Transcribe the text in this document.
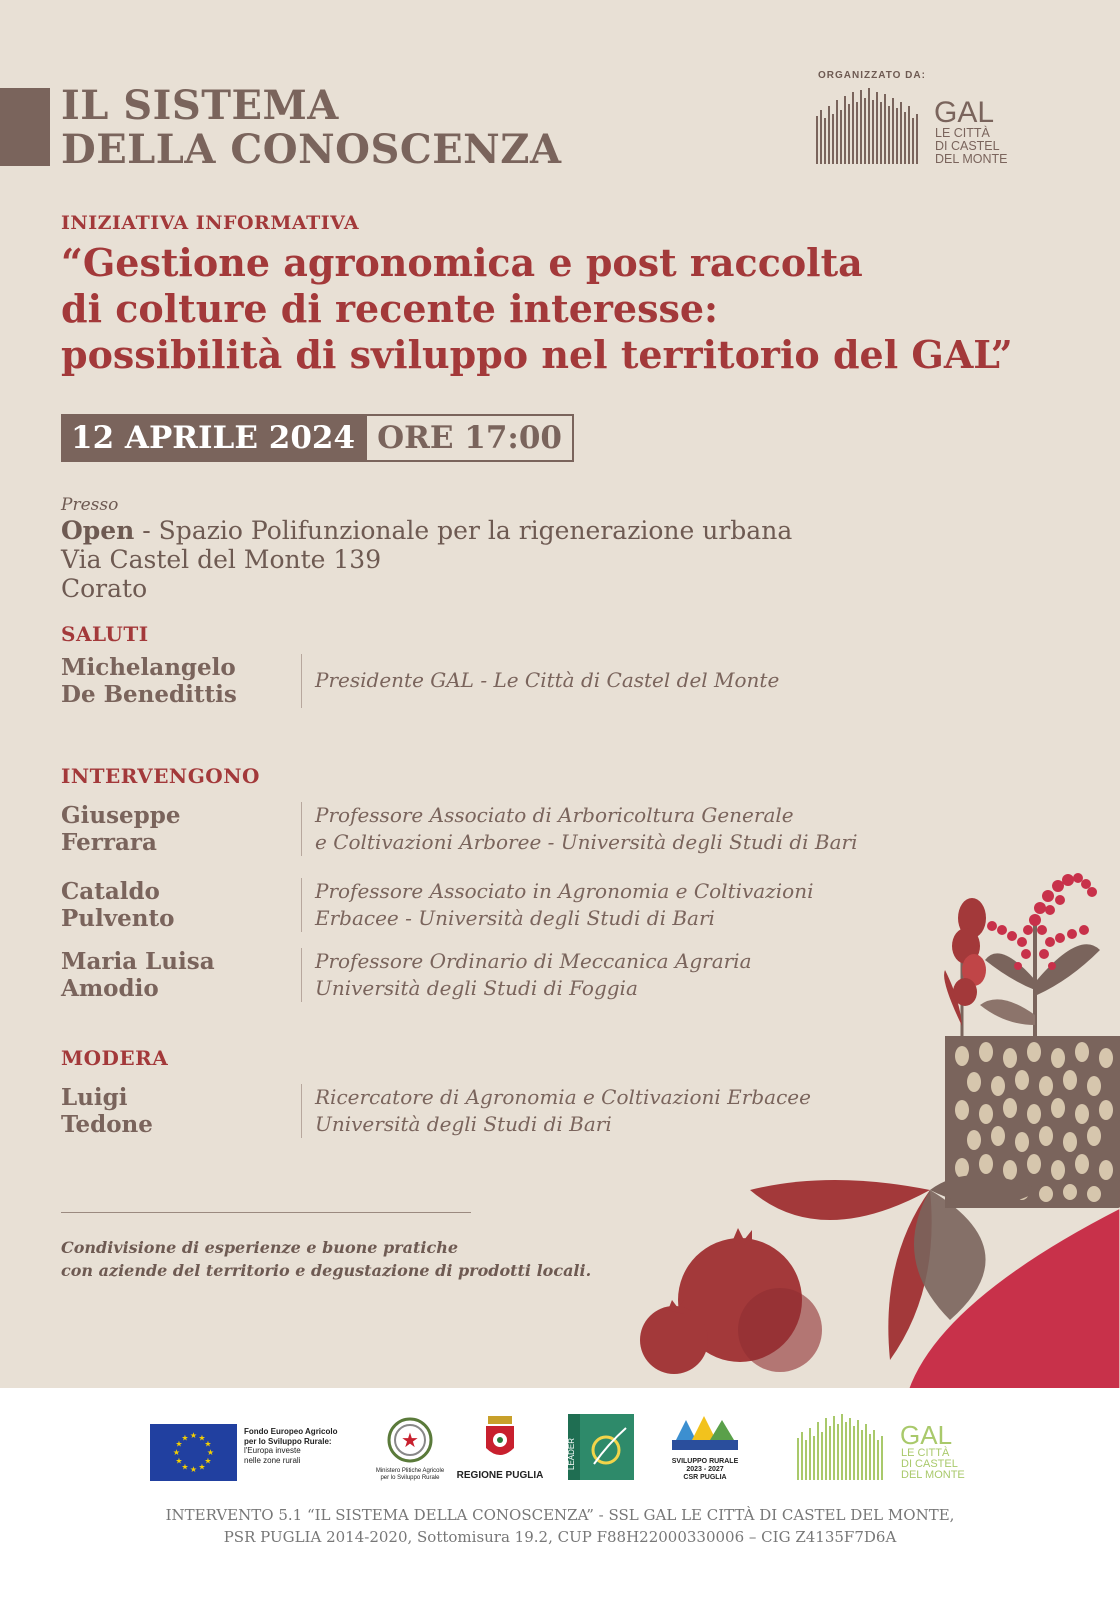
IL SISTEMA
DELLA CONOSCENZA
ORGANIZZATO DA:
GAL
LE CITTÀ
DI CASTEL
DEL MONTE
INIZIATIVA INFORMATIVA
“Gestione agronomica e post raccolta
di colture di recente interesse:
possibilità di sviluppo nel territorio del GAL”
12 APRILE 2024 ORE 17:00
Presso
Open - Spazio Polifunzionale per la rigenerazione urbana
Via Castel del Monte 139
Corato
SALUTI
Michelangelo
De Benedittis
Presidente GAL - Le Città di Castel del Monte
INTERVENGONO
Giuseppe
Ferrara
Professore Associato di Arboricoltura Generale
e Coltivazioni Arboree - Università degli Studi di Bari
Cataldo
Pulvento
Professore Associato in Agronomia e Coltivazioni
Erbacee - Università degli Studi di Bari
Maria Luisa
Amodio
Professore Ordinario di Meccanica Agraria
Università degli Studi di Foggia
MODERA
Luigi
Tedone
Ricercatore di Agronomia e Coltivazioni Erbacee
Università degli Studi di Bari
Condivisione di esperienze e buone pratiche
con aziende del territorio e degustazione di prodotti locali.
★ ★
★
★
★
★
★
★
★
★
★
★
Fondo Europeo Agricolo
per lo Sviluppo Rurale:
l'Europa investe
nelle zone rurali
★
Ministero Plitiche Agricole
per lo Sviluppo Rurale	REGIONE PUGLIA
LEADER	SVILUPPO RURALE
2023 - 2027
CSR PUGLIA
GAL
LE CITTÀ
DI CASTEL
DEL MONTE
INTERVENTO 5.1 “IL SISTEMA DELLA CONOSCENZA” - SSL GAL LE CITTÀ DI CASTEL DEL MONTE,
PSR PUGLIA 2014-2020, Sottomisura 19.2, CUP F88H22000330006 – CIG Z4135F7D6A
